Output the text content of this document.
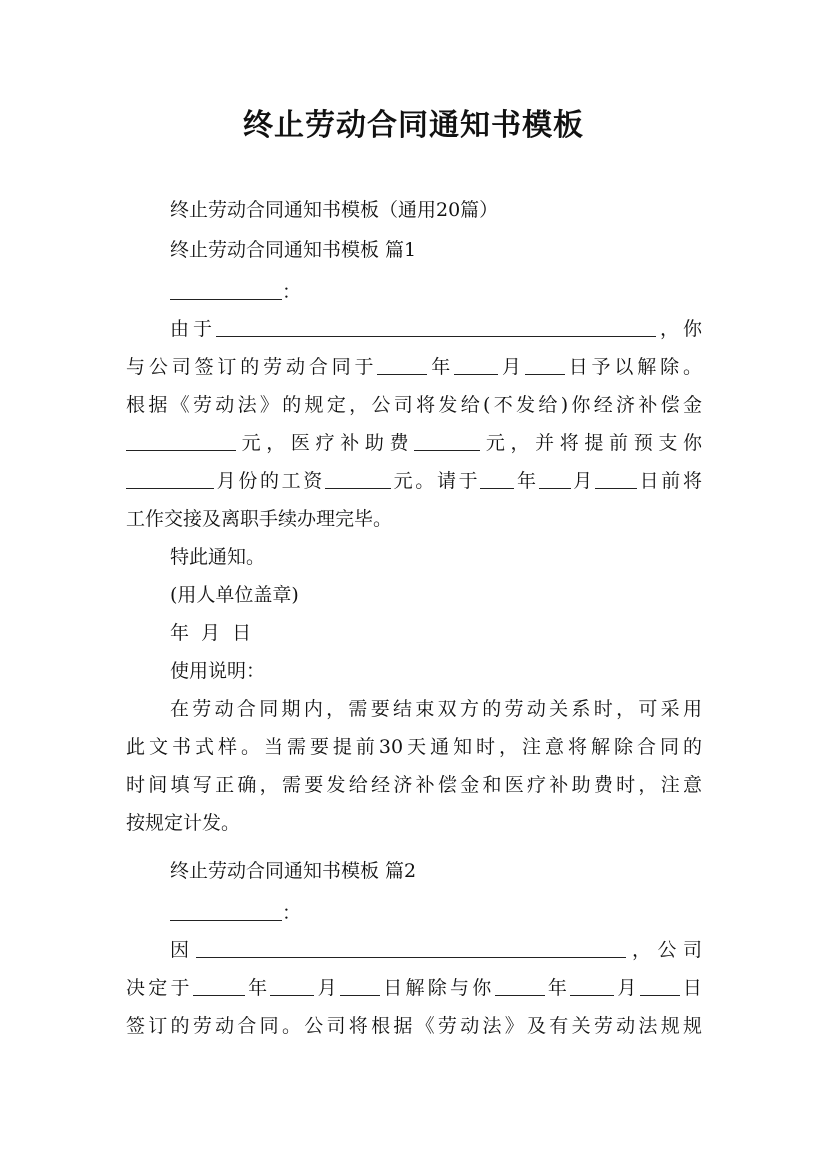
终止劳动合同通知书模板
终止劳动合同通知书模板（通用20篇）
终止劳动合同通知书模板 篇1
：
由于	，你
与公司签订的劳动合同于	年 月 日予以解除。
根据《劳动法》的规定，公司将发给(不发给)你经济补偿金
元，医疗补助费	元，并将提前预支你
月份的工资	元。请于 年 月 日前将
工作交接及离职手续办理完毕。
特此通知。
(用人单位盖章)
年 月 日
使用说明：
在劳动合同期内，需要结束双方的劳动关系时，可采用
此文书式样。当需要提前30天通知时，注意将解除合同的
时间填写正确，需要发给经济补偿金和医疗补助费时，注意
按规定计发。
终止劳动合同通知书模板 篇2
：
因	，公司
决定于	年 月 日解除与你	年 月 日
签订的劳动合同。公司将根据《劳动法》及有关劳动法规规
